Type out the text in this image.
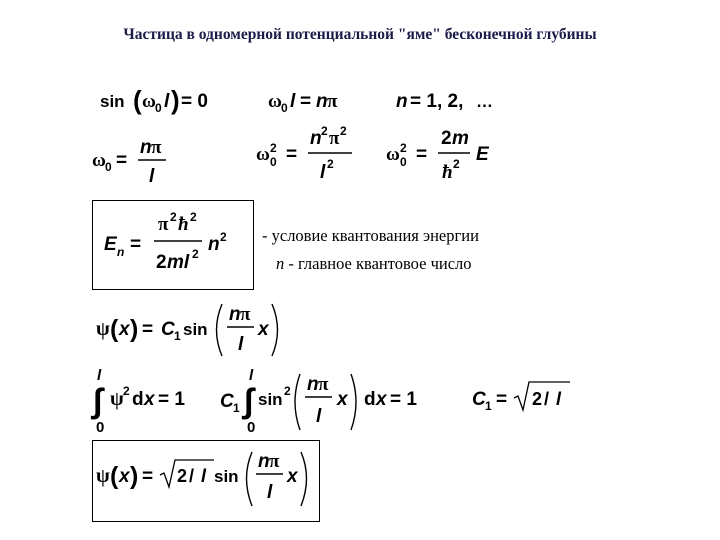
Частица в одномерной потенциальной "яме" бесконечной глубины
sin ( ω 0 l ) = 0	ω 0 l = n π	n = 1, 2, …
ω 0 =
n π
l
ω 2
0 =
n 2 π 2
l 2	ω 2
0 =
2 m
ħ 2 E
E n =
π 2 ħ 2
2 ml 2 n 2 - условие квантования энергии
n - главное квантовое число
ψ ( x ) = C 1 sin
n π
l
x
l
∫
0
ψ 2 d x = 1 C 1
l
∫
0
sin 2 n π
l
x d x = 1	C 1 = 2 / l
ψ ( x ) = 2 / l sin
n π
l
x
